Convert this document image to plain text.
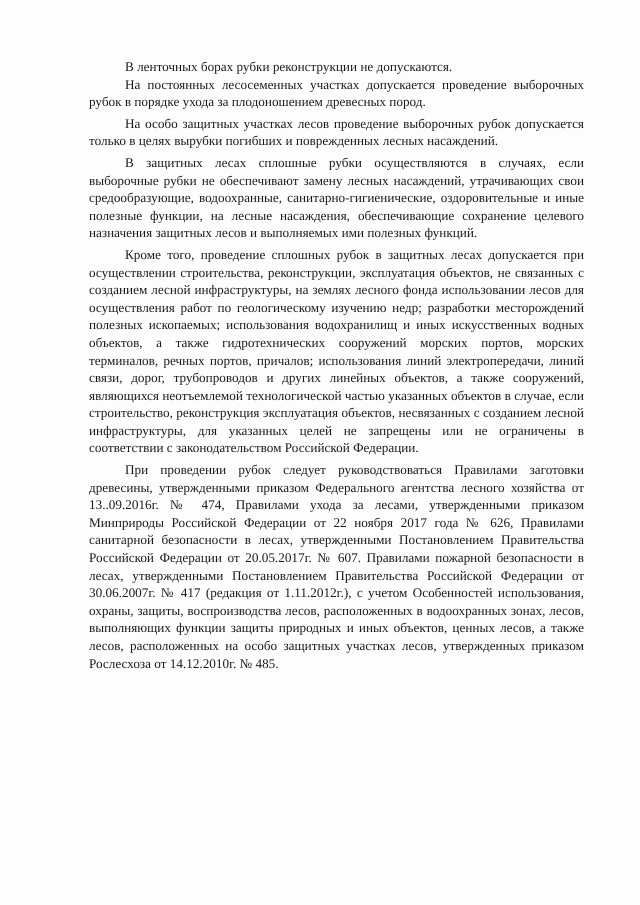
В ленточных борах рубки реконструкции не допускаются.

На постоянных лесосеменных участках допускается проведение выборочных рубок в порядке ухода за плодоношением древесных пород.

На особо защитных участках лесов проведение выборочных рубок допускается только в целях вырубки погибших и поврежденных лесных насаждений.

В защитных лесах сплошные рубки осуществляются в случаях, если выборочные рубки не обеспечивают замену лесных насаждений, утрачивающих свои средообразующие, водоохранные, санитарно-гигиенические, оздоровительные и иные полезные функции, на лесные насаждения, обеспечивающие сохранение целевого назначения защитных лесов и выполняемых ими полезных функций.

Кроме того, проведение сплошных рубок в защитных лесах допускается при осуществлении строительства, реконструкции, эксплуатация объектов, не связанных с созданием лесной инфраструктуры, на землях лесного фонда использовании лесов для осуществления работ по геологическому изучению недр; разработки месторождений полезных ископаемых; использования водохранилищ и иных искусственных водных объектов, а также гидротехнических сооружений морских портов, морских терминалов, речных портов, причалов; использования линий электропередачи, линий связи, дорог, трубопроводов и других линейных объектов, а также сооружений, являющихся неотъемлемой технологической частью указанных объектов в случае, если строительство, реконструкция эксплуатация объектов, несвязанных с созданием лесной инфраструктуры, для указанных целей не запрещены или не ограничены в соответствии с законодательством Российской Федерации.

При проведении рубок следует руководствоваться Правилами заготовки древесины, утвержденными приказом Федерального агентства лесного хозяйства от 13..09.2016г. № 474, Правилами ухода за лесами, утвержденными приказом Минприроды Российской Федерации от 22 ноября 2017 года № 626, Правилами санитарной безопасности в лесах, утвержденными Постановлением Правительства Российской Федерации от 20.05.2017г. № 607. Правилами пожарной безопасности в лесах, утвержденными Постановлением Правительства Российской Федерации от 30.06.2007г. № 417 (редакция от 1.11.2012г.), с учетом Особенностей использования, охраны, защиты, воспроизводства лесов, расположенных в водоохранных зонах, лесов, выполняющих функции защиты природных и иных объектов, ценных лесов, а также лесов, расположенных на особо защитных участках лесов, утвержденных приказом Рослесхоза от 14.12.2010г. № 485.
